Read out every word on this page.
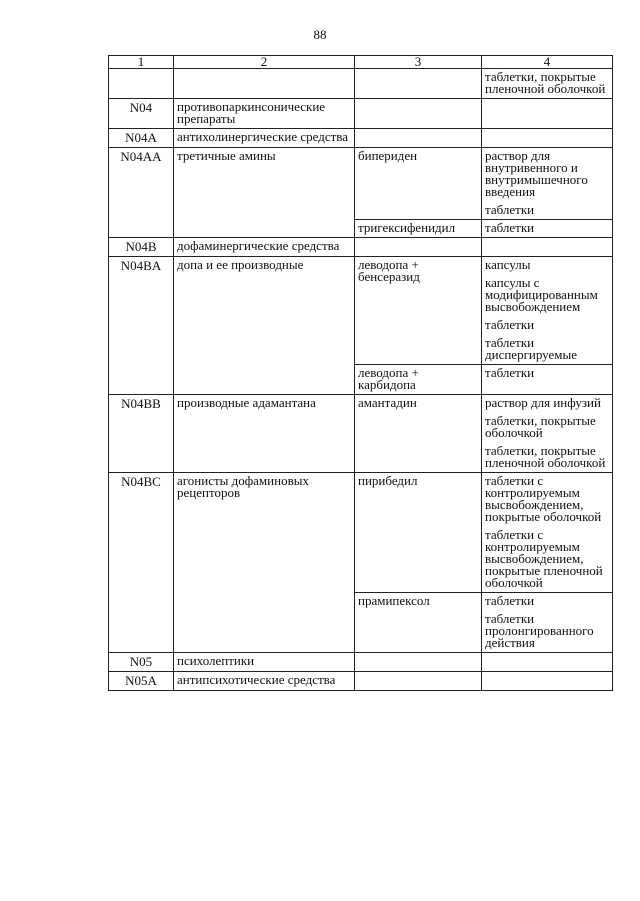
88
1	2	3	4

			таблетки, покрытые пленочной оболочкой

N04	противопаркинсонические препараты		

N04A	антихолинергические средства		

N04AA	третичные амины	бипериден	раствор для внутривенного и внутримышечного введения
таблетки

		тригексифенидил	таблетки

N04B	дофаминергические средства		

N04BA	допа и ее производные	леводопа + бенсеразид	капсулы
капсулы с модифицированным высвобождением
таблетки
таблетки диспергируемые

		леводопа + карбидопа	таблетки

N04BB	производные адамантана	амантадин	раствор для инфузий
таблетки, покрытые оболочкой
таблетки, покрытые пленочной оболочкой

N04BC	агонисты дофаминовых рецепторов	пирибедил	таблетки с контролируемым высвобождением, покрытые оболочкой
таблетки с контролируемым высвобождением, покрытые пленочной оболочкой

		прамипексол	таблетки
таблетки пролонгированного действия

N05	психолептики		

N05A	антипсихотические средства		
